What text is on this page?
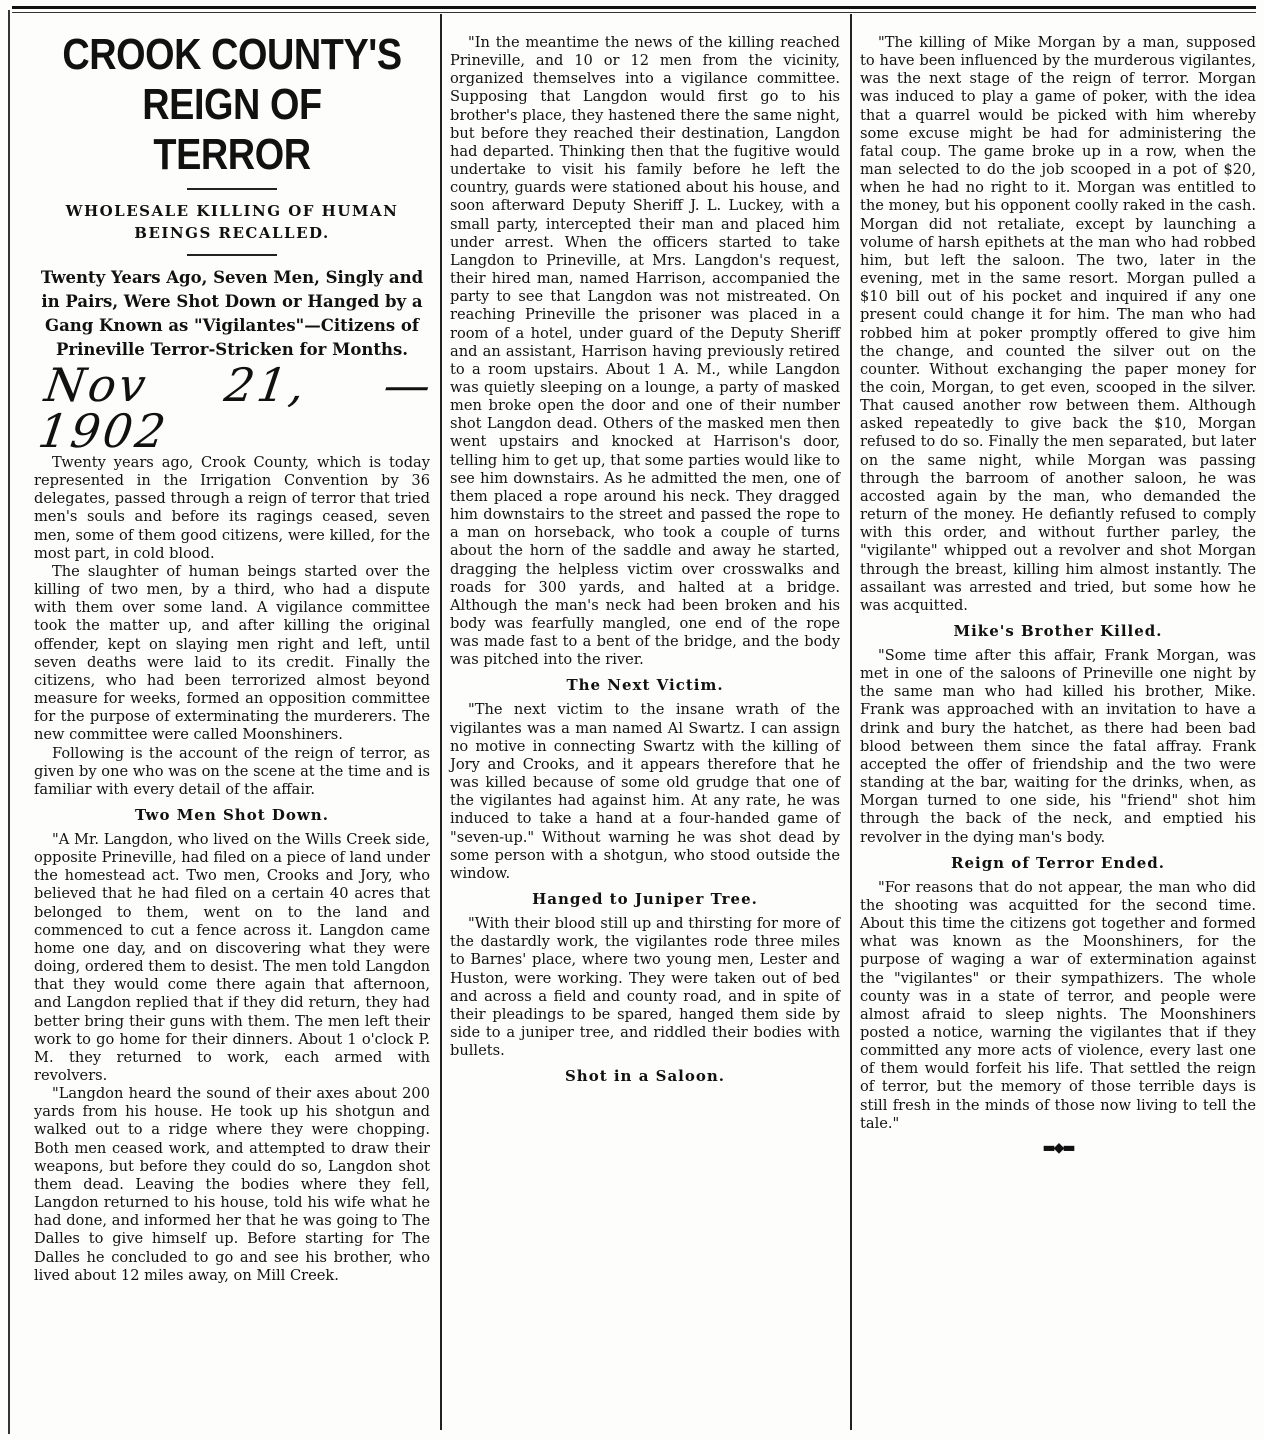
CROOK COUNTY'S
REIGN OF TERROR
WHOLESALE KILLING OF HUMAN BEINGS RECALLED.
Twenty Years Ago, Seven Men, Singly and in Pairs, Were Shot Down or Hanged by a Gang Known as "Vigilantes"—Citizens of Prineville Terror-Stricken for Months.
Nov 21, — 1902

Twenty years ago, Crook County, which is today represented in the Irrigation Convention by 36 delegates, passed through a reign of terror that tried men's souls and before its ragings ceased, seven men, some of them good citizens, were killed, for the most part, in cold blood.

The slaughter of human beings started over the killing of two men, by a third, who had a dispute with them over some land. A vigilance committee took the matter up, and after killing the original offender, kept on slaying men right and left, until seven deaths were laid to its credit. Finally the citizens, who had been terrorized almost beyond measure for weeks, formed an opposition committee for the purpose of exterminating the murderers. The new committee were called Moonshiners.

Following is the account of the reign of terror, as given by one who was on the scene at the time and is familiar with every detail of the affair.

Two Men Shot Down.

"A Mr. Langdon, who lived on the Wills Creek side, opposite Prineville, had filed on a piece of land under the homestead act. Two men, Crooks and Jory, who believed that he had filed on a certain 40 acres that belonged to them, went on to the land and commenced to cut a fence across it. Langdon came home one day, and on discovering what they were doing, ordered them to desist. The men told Langdon that they would come there again that afternoon, and Langdon replied that if they did return, they had better bring their guns with them. The men left their work to go home for their dinners. About 1 o'clock P. M. they returned to work, each armed with revolvers.

"Langdon heard the sound of their axes about 200 yards from his house. He took up his shotgun and walked out to a ridge where they were chopping. Both men ceased work, and attempted to draw their weapons, but before they could do so, Langdon shot them dead. Leaving the bodies where they fell, Langdon returned to his house, told his wife what he had done, and informed her that he was going to The Dalles to give himself up. Before starting for The Dalles he concluded to go and see his brother, who lived about 12 miles away, on Mill Creek.

"In the meantime the news of the killing reached Prineville, and 10 or 12 men from the vicinity, organized themselves into a vigilance committee. Supposing that Langdon would first go to his brother's place, they hastened there the same night, but before they reached their destination, Langdon had departed. Thinking then that the fugitive would undertake to visit his family before he left the country, guards were stationed about his house, and soon afterward Deputy Sheriff J. L. Luckey, with a small party, intercepted their man and placed him under arrest. When the officers started to take Langdon to Prineville, at Mrs. Langdon's request, their hired man, named Harrison, accompanied the party to see that Langdon was not mistreated. On reaching Prineville the prisoner was placed in a room of a hotel, under guard of the Deputy Sheriff and an assistant, Harrison having previously retired to a room upstairs. About 1 A. M., while Langdon was quietly sleeping on a lounge, a party of masked men broke open the door and one of their number shot Langdon dead. Others of the masked men then went upstairs and knocked at Harrison's door, telling him to get up, that some parties would like to see him downstairs. As he admitted the men, one of them placed a rope around his neck. They dragged him downstairs to the street and passed the rope to a man on horseback, who took a couple of turns about the horn of the saddle and away he started, dragging the helpless victim over crosswalks and roads for 300 yards, and halted at a bridge. Although the man's neck had been broken and his body was fearfully mangled, one end of the rope was made fast to a bent of the bridge, and the body was pitched into the river.

The Next Victim.

"The next victim to the insane wrath of the vigilantes was a man named Al Swartz. I can assign no motive in connecting Swartz with the killing of Jory and Crooks, and it appears therefore that he was killed because of some old grudge that one of the vigilantes had against him. At any rate, he was induced to take a hand at a four-handed game of "seven-up." Without warning he was shot dead by some person with a shotgun, who stood outside the window.

Hanged to Juniper Tree.

"With their blood still up and thirsting for more of the dastardly work, the vigilantes rode three miles to Barnes' place, where two young men, Lester and Huston, were working. They were taken out of bed and across a field and county road, and in spite of their pleadings to be spared, hanged them side by side to a juniper tree, and riddled their bodies with bullets.

Shot in a Saloon.

"The killing of Mike Morgan by a man, supposed to have been influenced by the murderous vigilantes, was the next stage of the reign of terror. Morgan was induced to play a game of poker, with the idea that a quarrel would be picked with him whereby some excuse might be had for administering the fatal coup. The game broke up in a row, when the man selected to do the job scooped in a pot of $20, when he had no right to it. Morgan was entitled to the money, but his opponent coolly raked in the cash. Morgan did not retaliate, except by launching a volume of harsh epithets at the man who had robbed him, but left the saloon. The two, later in the evening, met in the same resort. Morgan pulled a $10 bill out of his pocket and inquired if any one present could change it for him. The man who had robbed him at poker promptly offered to give him the change, and counted the silver out on the counter. Without exchanging the paper money for the coin, Morgan, to get even, scooped in the silver. That caused another row between them. Although asked repeatedly to give back the $10, Morgan refused to do so. Finally the men separated, but later on the same night, while Morgan was passing through the barroom of another saloon, he was accosted again by the man, who demanded the return of the money. He defiantly refused to comply with this order, and without further parley, the "vigilante" whipped out a revolver and shot Morgan through the breast, killing him almost instantly. The assailant was arrested and tried, but some how he was acquitted.

Mike's Brother Killed.

"Some time after this affair, Frank Morgan, was met in one of the saloons of Prineville one night by the same man who had killed his brother, Mike. Frank was approached with an invitation to have a drink and bury the hatchet, as there had been bad blood between them since the fatal affray. Frank accepted the offer of friendship and the two were standing at the bar, waiting for the drinks, when, as Morgan turned to one side, his "friend" shot him through the back of the neck, and emptied his revolver in the dying man's body.

Reign of Terror Ended.

"For reasons that do not appear, the man who did the shooting was acquitted for the second time. About this time the citizens got together and formed what was known as the Moonshiners, for the purpose of waging a war of extermination against the "vigilantes" or their sympathizers. The whole county was in a state of terror, and people were almost afraid to sleep nights. The Moonshiners posted a notice, warning the vigilantes that if they committed any more acts of violence, every last one of them would forfeit his life. That settled the reign of terror, but the memory of those terrible days is still fresh in the minds of those now living to tell the tale."

▬◆▬
